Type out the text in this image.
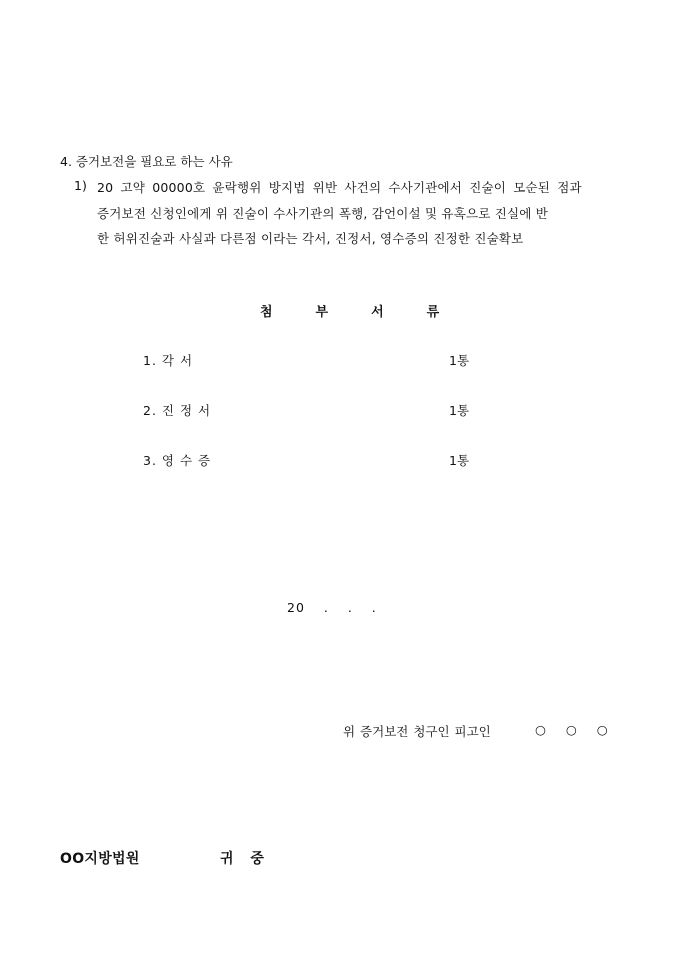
4. 증거보전을 필요로 하는 사유
1) 20 고약 00000호 윤락행위 방지법 위반 사건의 수사기관에서 진술이 모순된 점과
증거보전 신청인에게 위 진술이 수사기관의 폭행, 감언이설 및 유혹으로 진실에 반
한 허위진술과 사실과 다른점 이라는 각서, 진정서, 영수증의 진정한 진술확보
첨부서류
1. 각 서	1통
2. 진 정 서	1통
3. 영 수 증	1통
20 . . .
위 증거보전 청구인 피고인	○ ○ ○
OO지방법원	귀 중
